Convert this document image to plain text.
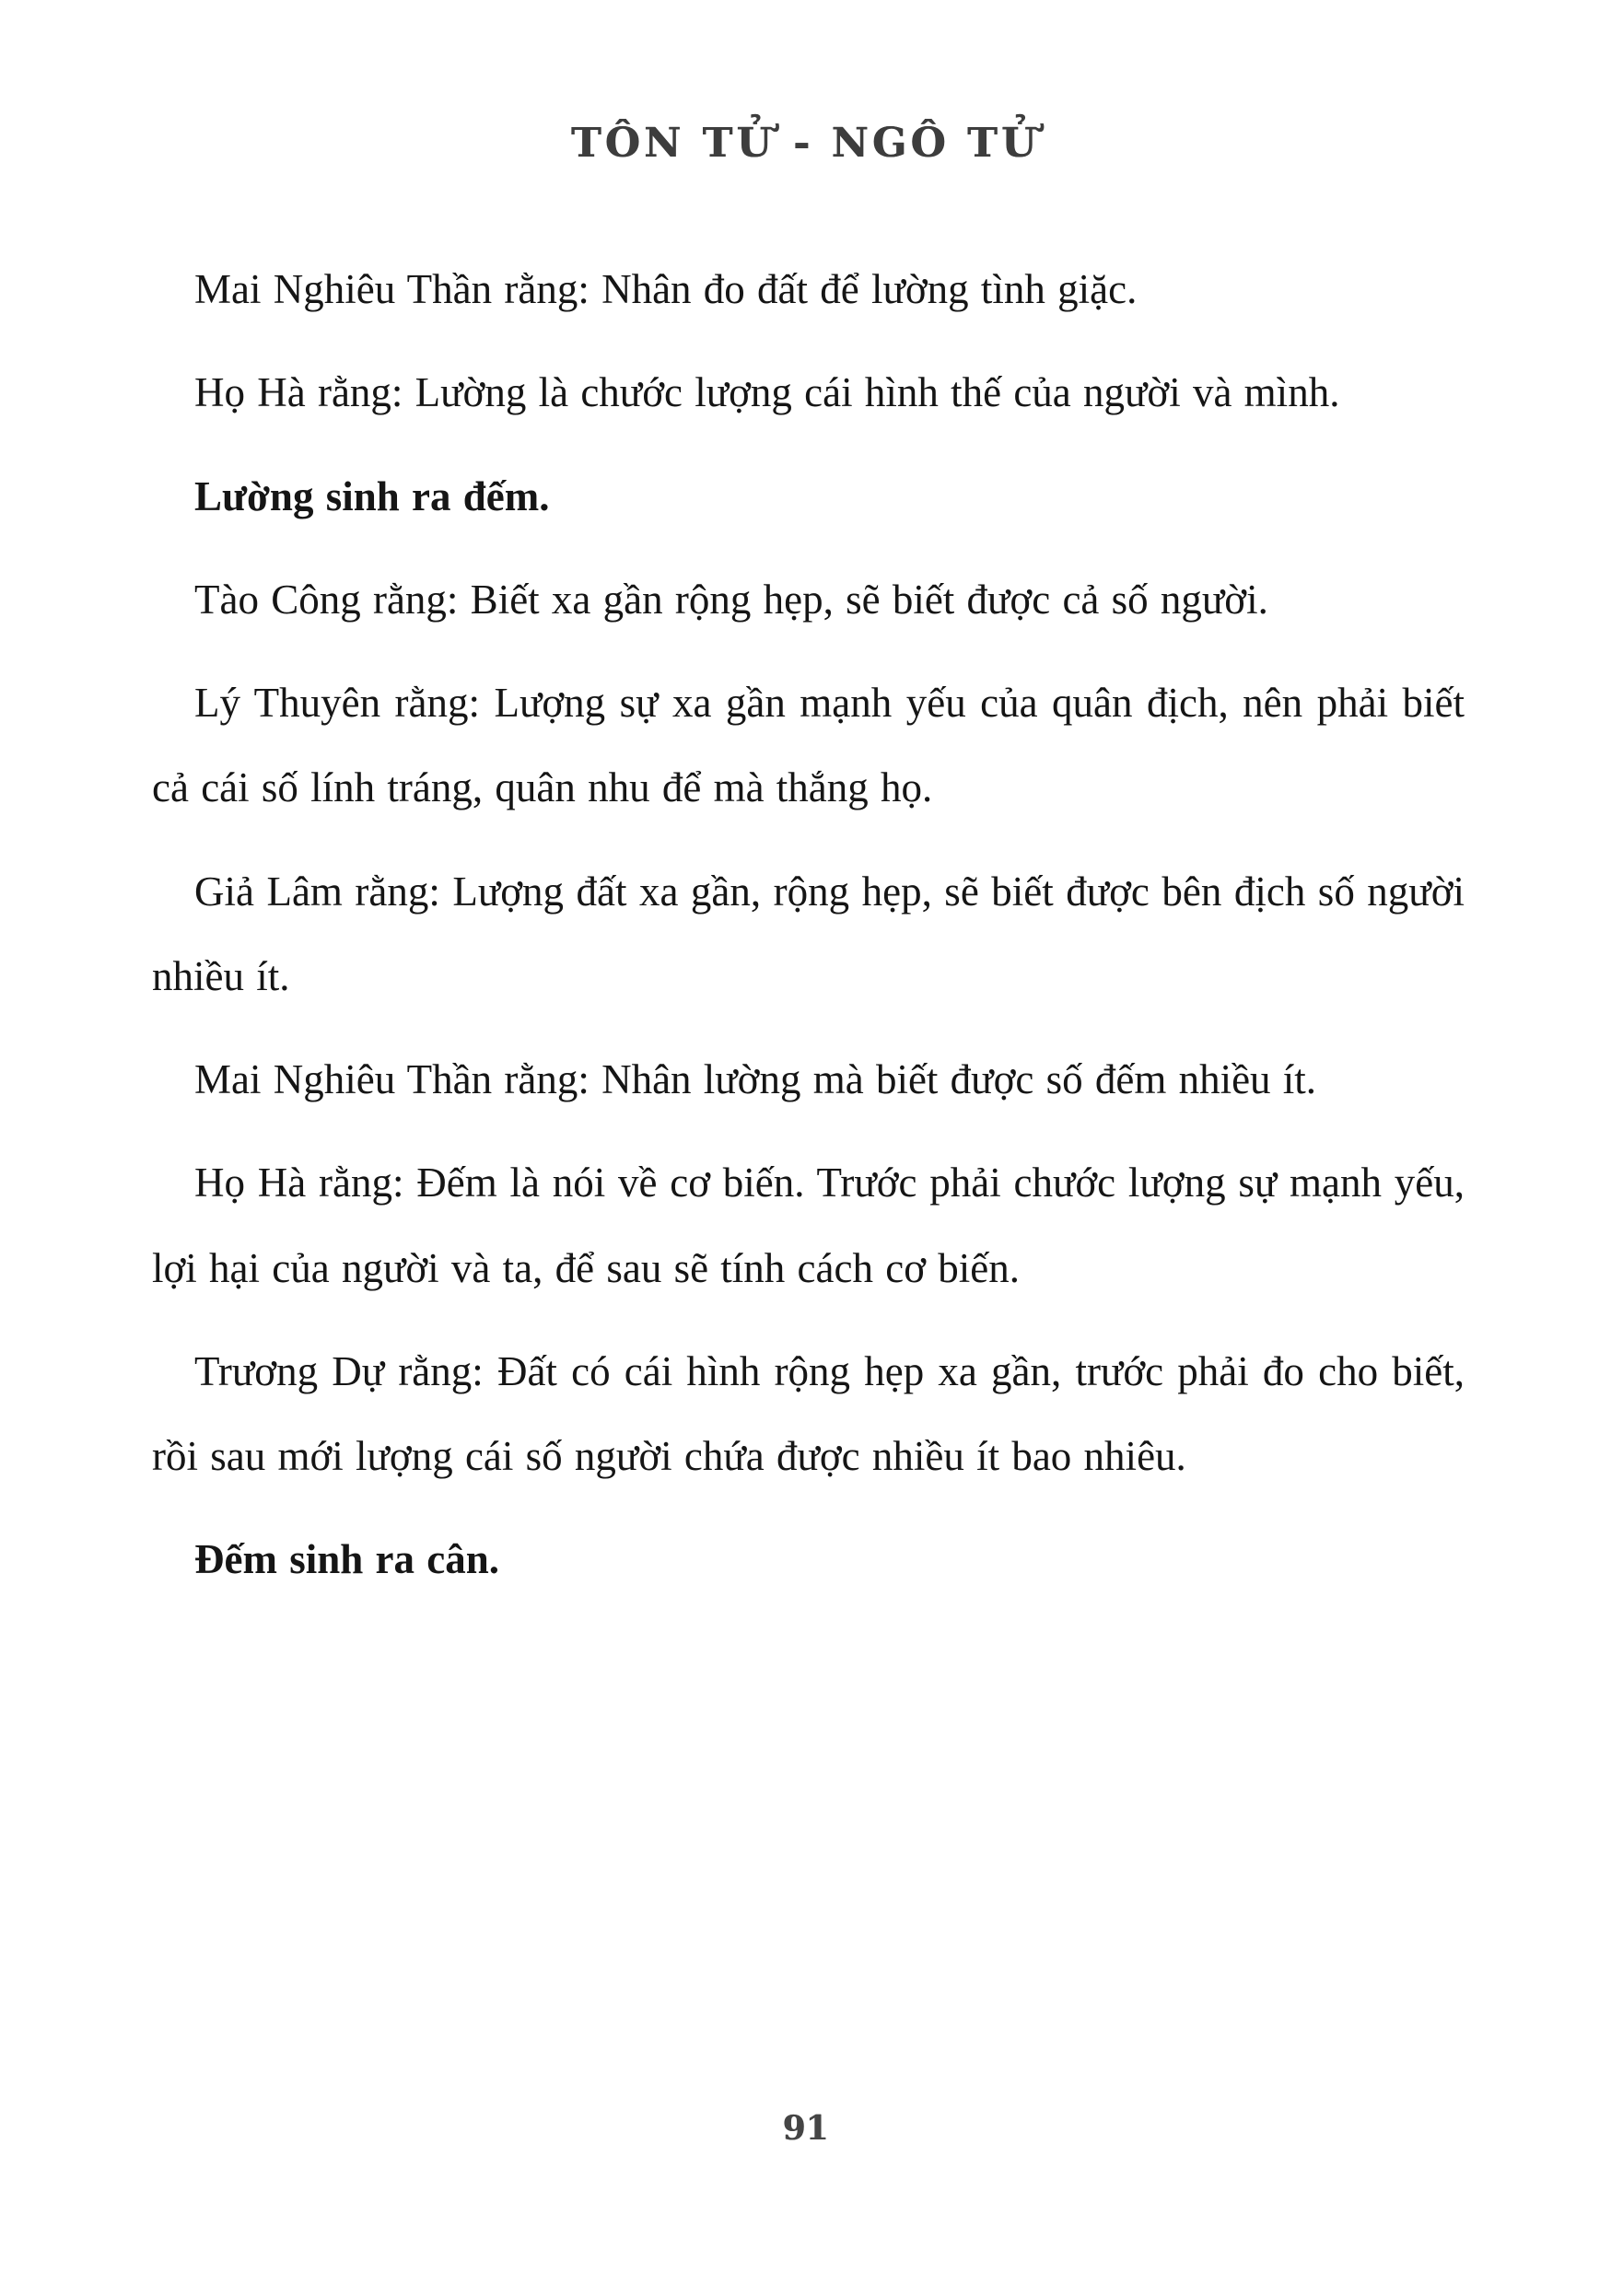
TÔN TỬ - NGÔ TỬ

Mai Nghiêu Thần rằng: Nhân đo đất để lường tình giặc.

Họ Hà rằng: Lường là chước lượng cái hình thế của người và mình.

Lường sinh ra đếm.

Tào Công rằng: Biết xa gần rộng hẹp, sẽ biết được cả số người.

Lý Thuyên rằng: Lượng sự xa gần mạnh yếu của quân địch, nên phải biết cả cái số lính tráng, quân nhu để mà thắng họ.

Giả Lâm rằng: Lượng đất xa gần, rộng hẹp, sẽ biết được bên địch số người nhiều ít.

Mai Nghiêu Thần rằng: Nhân lường mà biết được số đếm nhiều ít.

Họ Hà rằng: Đếm là nói về cơ biến. Trước phải chước lượng sự mạnh yếu, lợi hại của người và ta, để sau sẽ tính cách cơ biến.

Trương Dự rằng: Đất có cái hình rộng hẹp xa gần, trước phải đo cho biết, rồi sau mới lượng cái số người chứa được nhiều ít bao nhiêu.

Đếm sinh ra cân.

91
